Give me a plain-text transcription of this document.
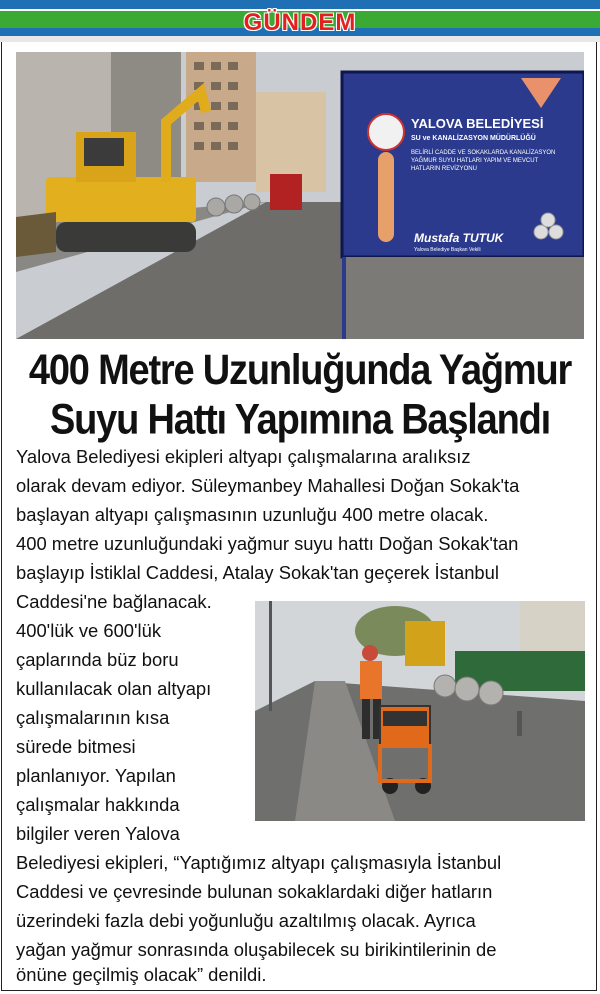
GÜNDEM
YALOVA BELEDİYESİ
SU ve KANALİZASYON MÜDÜRLÜĞÜ
BELİRLİ CADDE VE SOKAKLARDA KANALİZASYON
YAĞMUR SUYU HATLARI YAPIM VE MEVCUT
HATLARIN REVİZYONU
Mustafa TUTUK
Yalova Belediye Başkan Vekili
400 Metre Uzunluğunda Yağmur
Suyu Hattı Yapımına Başlandı
Yalova Belediyesi ekipleri altyapı çalışmalarına aralıksız
olarak devam ediyor. Süleymanbey Mahallesi Doğan Sokak'ta
başlayan altyapı çalışmasının uzunluğu 400 metre olacak.
400 metre uzunluğundaki yağmur suyu hattı Doğan Sokak'tan
başlayıp İstiklal Caddesi, Atalay Sokak'tan geçerek İstanbul
Caddesi'ne bağlanacak.
400'lük ve 600'lük
çaplarında büz boru
kullanılacak olan altyapı
çalışmalarının kısa
sürede bitmesi
planlanıyor. Yapılan
çalışmalar hakkında
bilgiler veren Yalova
Belediyesi ekipleri, “Yaptığımız altyapı çalışmasıyla İstanbul
Caddesi ve çevresinde bulunan sokaklardaki diğer hatların
üzerindeki fazla debi yoğunluğu azaltılmış olacak. Ayrıca
yağan yağmur sonrasında oluşabilecek su birikintilerinin de
önüne geçilmiş olacak” denildi.
